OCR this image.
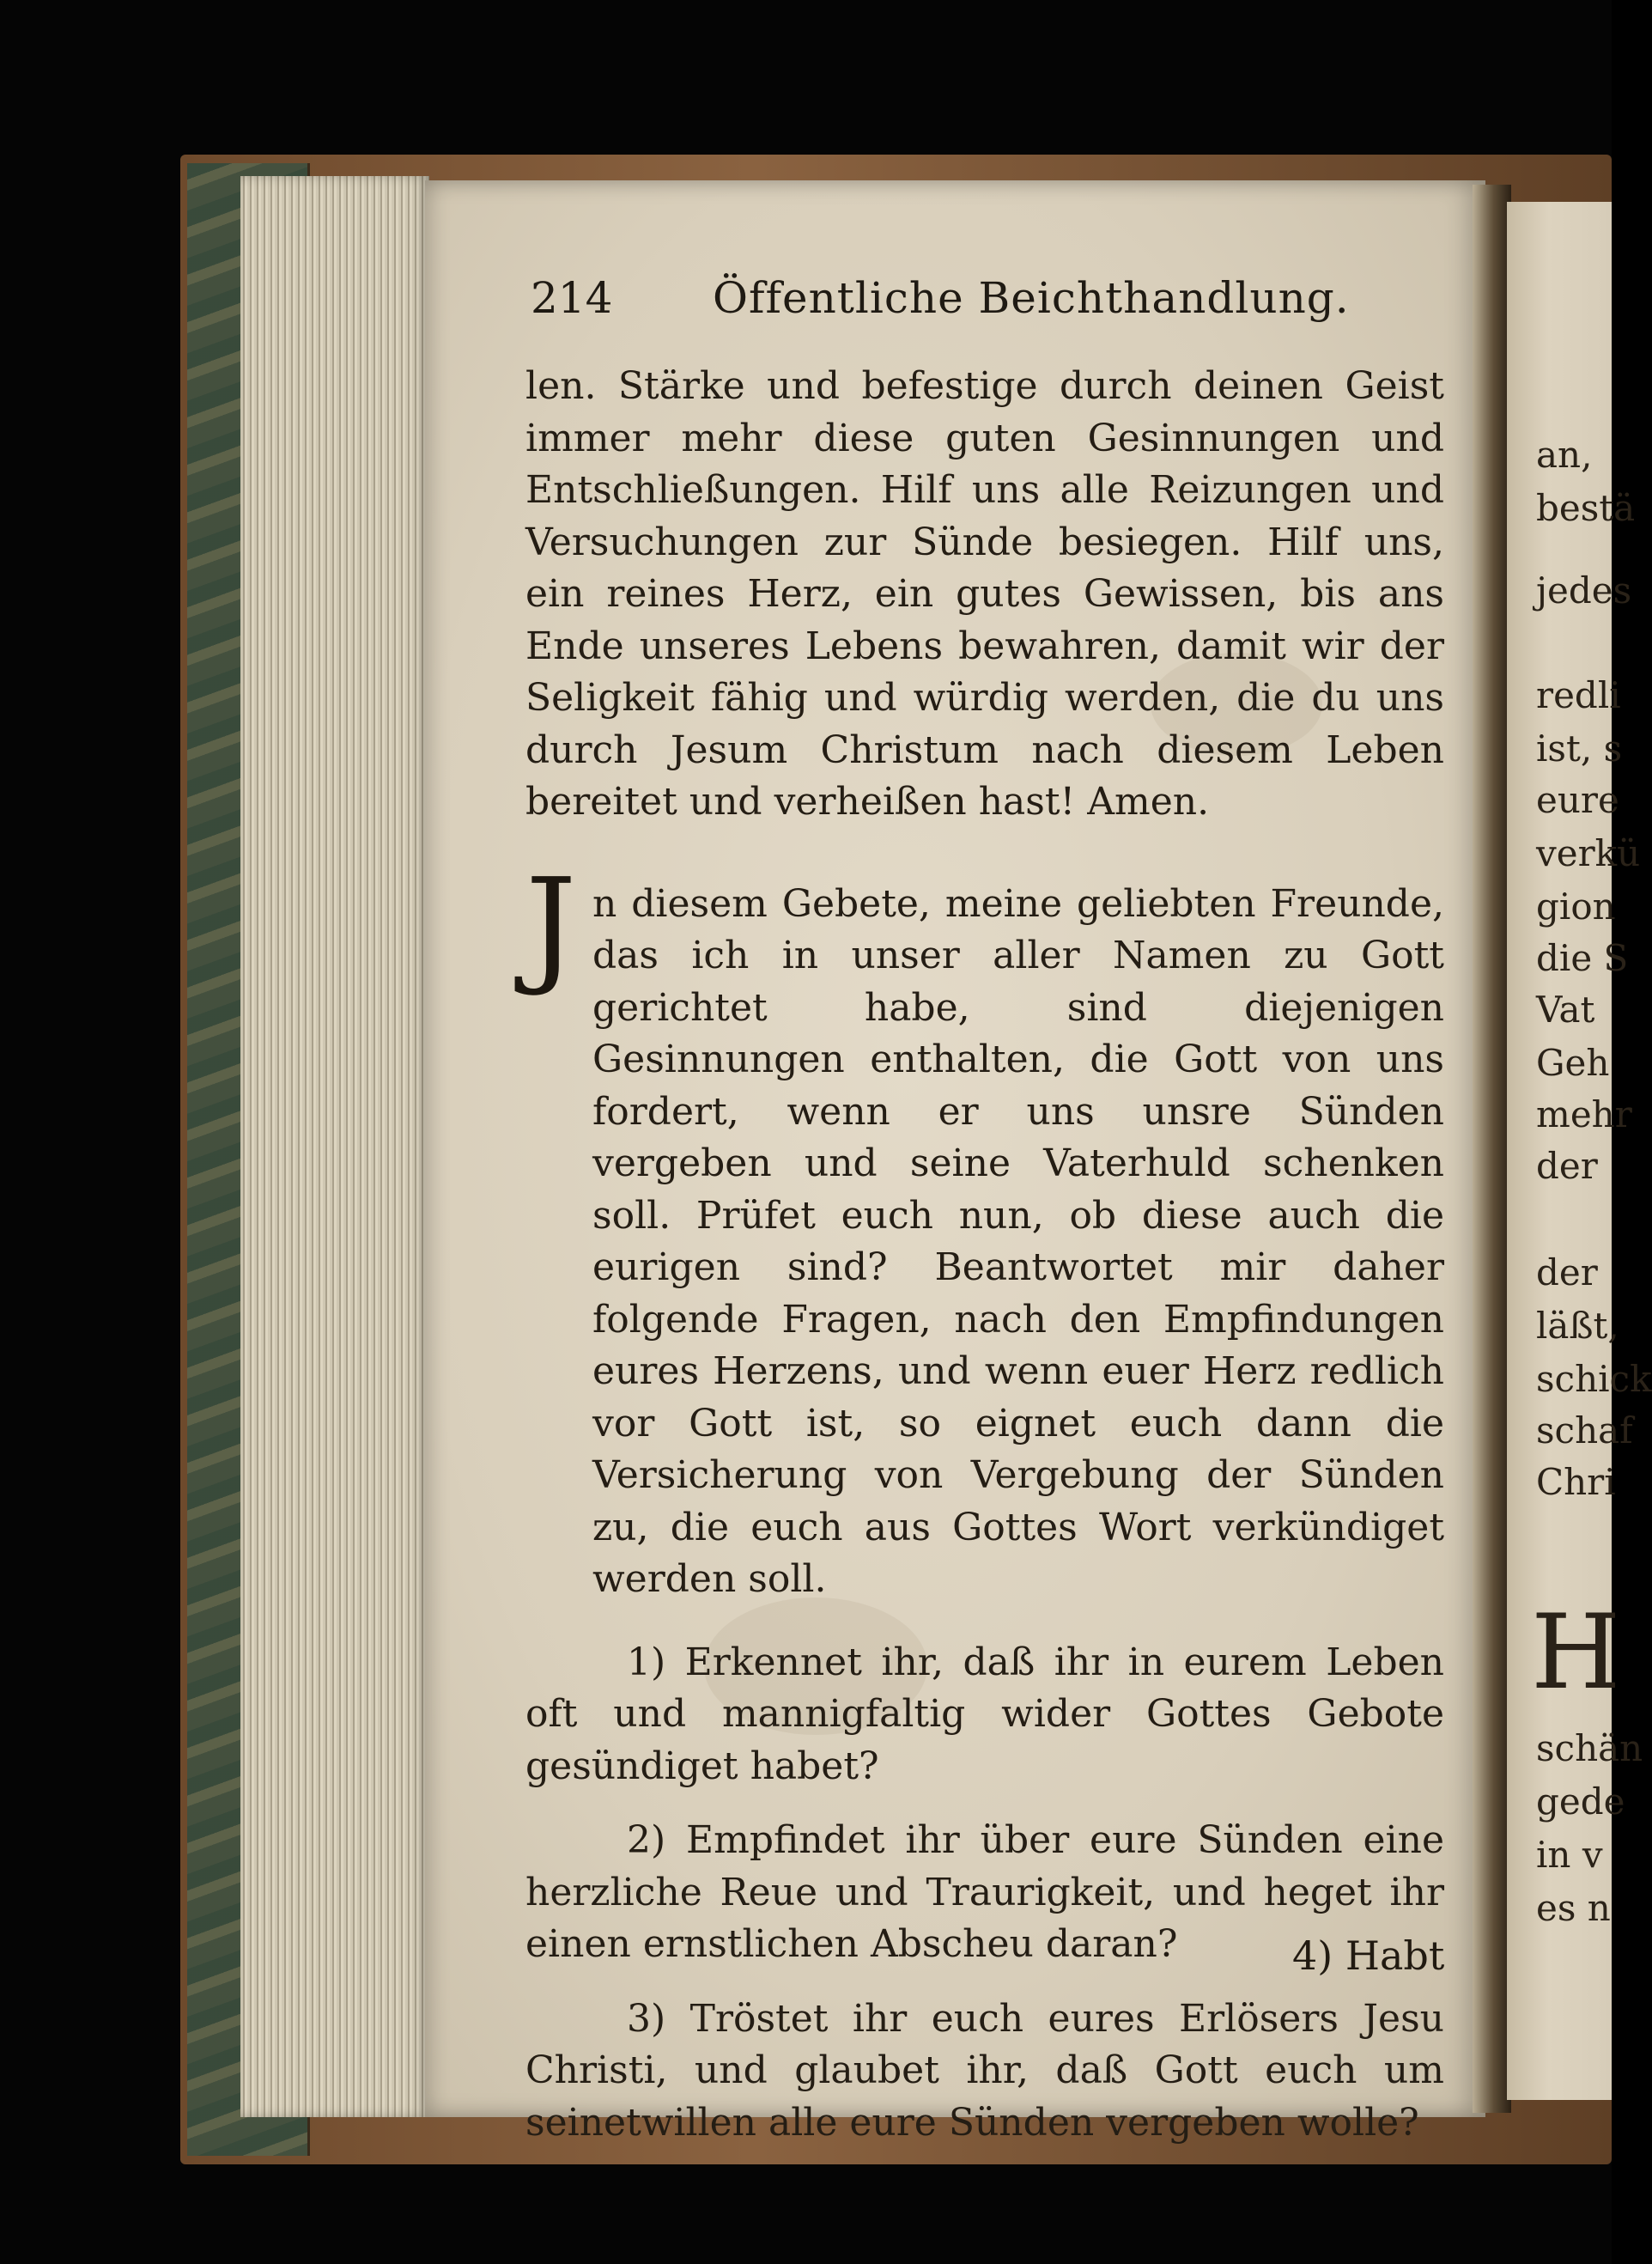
an,
bestä
jedes
redli
ist, s
eure
verkü
gion
die S
Vat
Geh
mehr
der
der
läßt,
schick
schaf
Chri
H
schän
gede
in v
es n
214 Öffentliche Beichthandlung.

len. Stärke und befestige durch deinen Geist immer mehr diese guten Gesinnungen und Entschließungen. Hilf uns alle Reizungen und Versuchungen zur Sünde besiegen. Hilf uns, ein reines Herz, ein gutes Gewissen, bis ans Ende unseres Lebens bewahren, damit wir der Seligkeit fähig und würdig werden, die du uns durch Jesum Christum nach diesem Leben bereitet und verheißen hast! Amen.

J n diesem Gebete, meine geliebten Freunde, das ich in unser aller Namen zu Gott gerichtet habe, sind diejenigen Gesinnungen enthalten, die Gott von uns fordert, wenn er uns unsre Sünden vergeben und seine Vaterhuld schenken soll. Prüfet euch nun, ob diese auch die eurigen sind? Beantwortet mir daher folgende Fragen, nach den Empfindungen eures Herzens, und wenn euer Herz redlich vor Gott ist, so eignet euch dann die Versicherung von Vergebung der Sünden zu, die euch aus Gottes Wort verkündiget werden soll.

1) Erkennet ihr, daß ihr in eurem Leben oft und mannigfaltig wider Gottes Gebote gesündiget habet?

2) Empfindet ihr über eure Sünden eine herzliche Reue und Traurigkeit, und heget ihr einen ernstlichen Abscheu daran?

3) Tröstet ihr euch eures Erlösers Jesu Christi, und glaubet ihr, daß Gott euch um seinetwillen alle eure Sünden vergeben wolle?

4) Habt
